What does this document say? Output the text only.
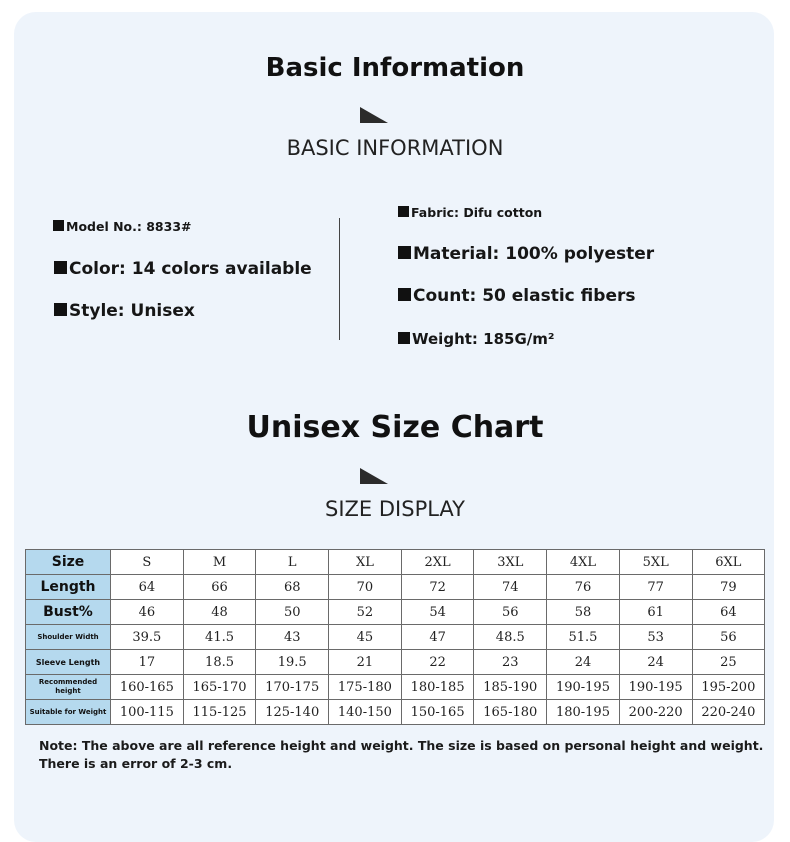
Basic Information
BASIC INFORMATION
Model No.: 8833#
Color: 14 colors available
Style: Unisex
Fabric: Difu cotton
Material: 100% polyester
Count: 50 elastic fibers
Weight: 185G/m²
Unisex Size Chart
SIZE DISPLAY
Size	S	M	L	XL	2XL	3XL	4XL	5XL	6XL
Length	64	66	68	70	72	74	76	77	79
Bust%	46	48	50	52	54	56	58	61	64
Shoulder Width	39.5	41.5	43	45	47	48.5	51.5	53	56
Sleeve Length	17	18.5	19.5	21	22	23	24	24	25
Recommended height	160-165	165-170	170-175	175-180	180-185	185-190	190-195	190-195	195-200
Suitable for Weight	100-115	115-125	125-140	140-150	150-165	165-180	180-195	200-220	220-240
Note: The above are all reference height and weight. The size is based on personal height and weight. There is an error of 2-3 cm.
